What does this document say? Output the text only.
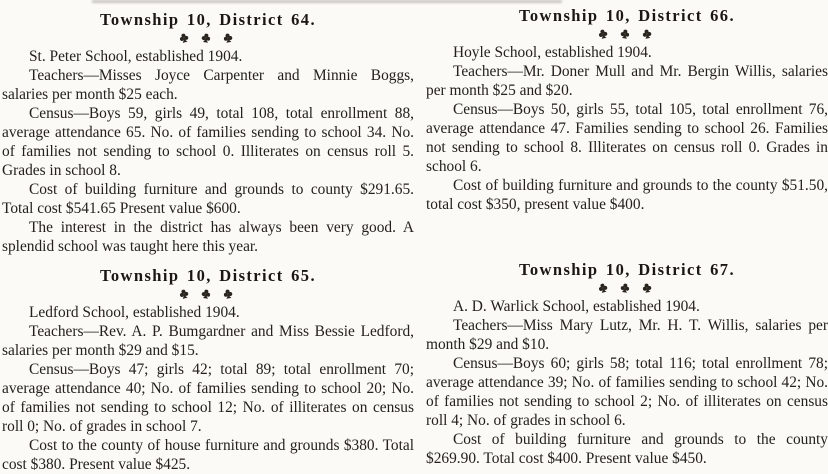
Township 10, District 64.

St. Peter School, established 1904.

Teachers—Misses Joyce Carpenter and Minnie Boggs, salaries per month $25 each.

Census—Boys 59, girls 49, total 108, total enrollment 88, average attendance 65. No. of families sending to school 34. No. of families not sending to school 0. Illiterates on census roll 5. Grades in school 8.

Cost of building furniture and grounds to county $291.65. Total cost $541.65 Present value $600.

The interest in the district has always been very good. A splendid school was taught here this year.

Township 10, District 65.

Ledford School, established 1904.

Teachers—Rev. A. P. Bumgardner and Miss Bessie Ledford, salaries per month $29 and $15.

Census—Boys 47; girls 42; total 89; total enrollment 70; average attendance 40; No. of families sending to school 20; No. of families not sending to school 12; No. of illiterates on census roll 0; No. of grades in school 7.

Cost to the county of house furniture and grounds $380. Total cost $380. Present value $425.

Township 10, District 66.

Hoyle School, established 1904.

Teachers—Mr. Doner Mull and Mr. Bergin Willis, salaries per month $25 and $20.

Census—Boys 50, girls 55, total 105, total enrollment 76, average attendance 47. Families sending to school 26. Families not sending to school 8. Illiterates on census roll 0. Grades in school 6.

Cost of building furniture and grounds to the county $51.50, total cost $350, present value $400.

Township 10, District 67.

A. D. Warlick School, established 1904.

Teachers—Miss Mary Lutz, Mr. H. T. Willis, salaries per month $29 and $10.

Census—Boys 60; girls 58; total 116; total enrollment 78; average attendance 39; No. of families sending to school 42; No. of families not sending to school 2; No. of illiterates on census roll 4; No. of grades in school 6.

Cost of building furniture and grounds to the county $269.90. Total cost $400. Present value $450.
